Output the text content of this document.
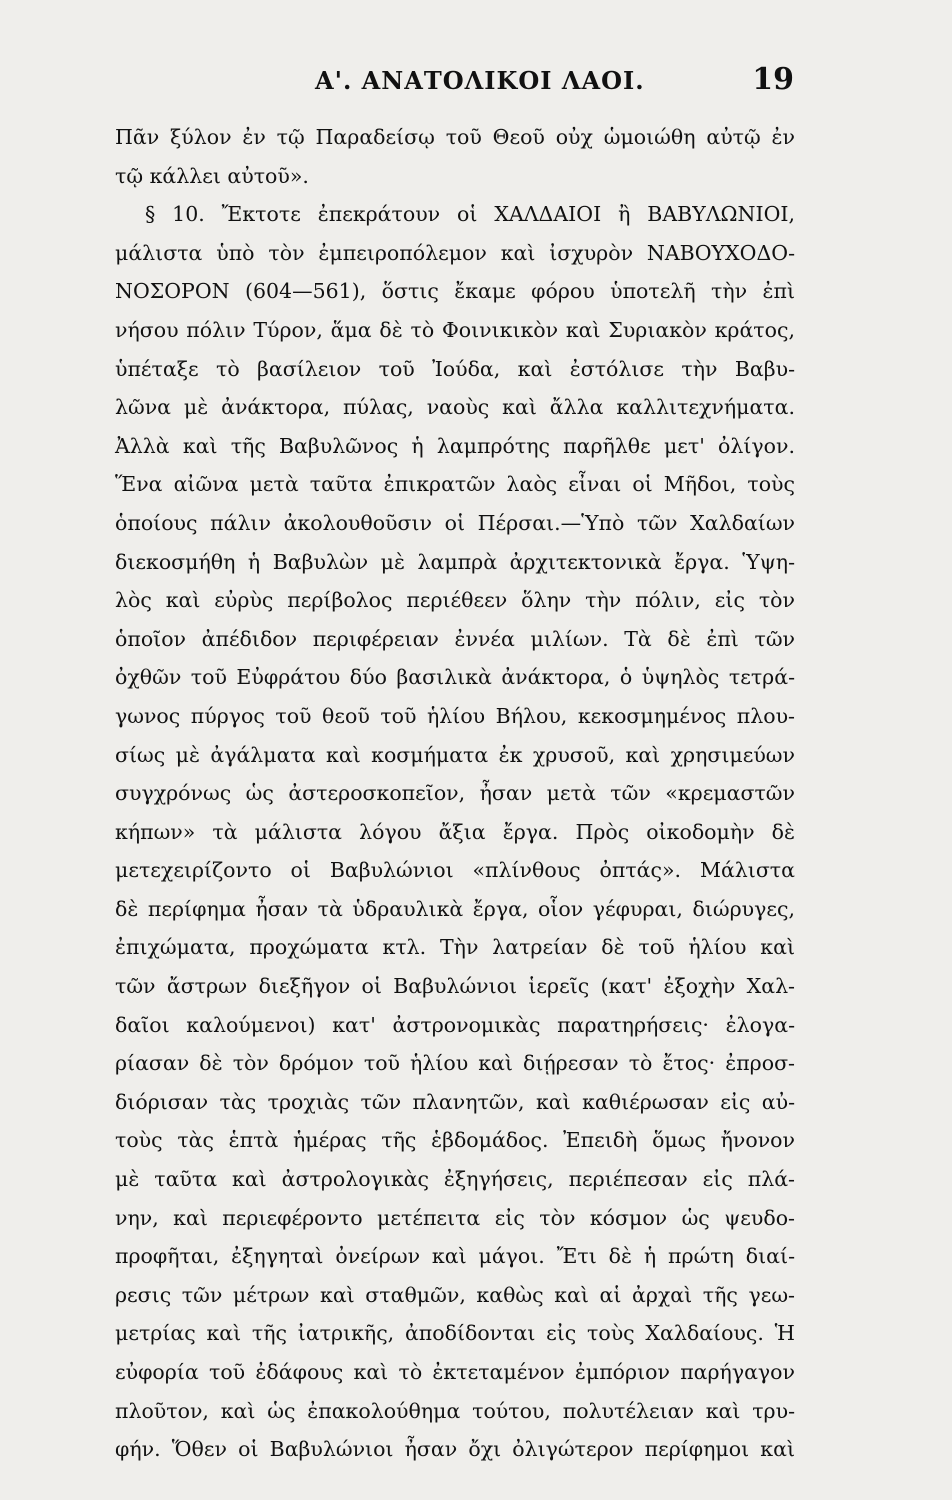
Α'. ΑΝΑΤΟΛΙΚΟΙ ΛΑΟΙ.	19
Πᾶν ξύλον ἐν τῷ Παραδείσῳ τοῦ Θεοῦ οὐχ ὡμοιώθη αὐτῷ ἐν
τῷ κάλλει αὐτοῦ».
§ 10. Ἔκτοτε ἐπεκράτουν οἱ ΧΑΛΔΑΙΟΙ ἢ ΒΑΒΥΛΩΝΙΟΙ,
μάλιστα ὑπὸ τὸν ἐμπειροπόλεμον καὶ ἰσχυρὸν ΝΑΒΟΥΧΟΔΟ-
ΝΟΣΟΡΟΝ (604—561), ὅστις ἔκαμε φόρου ὑποτελῆ τὴν ἐπὶ
νήσου πόλιν Τύρον, ἅμα δὲ τὸ Φοινικικὸν καὶ Συριακὸν κράτος,
ὑπέταξε τὸ βασίλειον τοῦ Ἰούδα, καὶ ἐστόλισε τὴν Βαβυ-
λῶνα μὲ ἀνάκτορα, πύλας, ναοὺς καὶ ἄλλα καλλιτεχνήματα.
Ἀλλὰ καὶ τῆς Βαβυλῶνος ἡ λαμπρότης παρῆλθε μετ' ὀλίγον.
Ἕνα αἰῶνα μετὰ ταῦτα ἐπικρατῶν λαὸς εἶναι οἱ Μῆδοι, τοὺς
ὁποίους πάλιν ἀκολουθοῦσιν οἱ Πέρσαι.—Ὑπὸ τῶν Χαλδαίων
διεκοσμήθη ἡ Βαβυλὼν μὲ λαμπρὰ ἀρχιτεκτονικὰ ἔργα. Ὑψη-
λὸς καὶ εὐρὺς περίβολος περιέθεεν ὅλην τὴν πόλιν, εἰς τὸν
ὁποῖον ἀπέδιδον περιφέρειαν ἐννέα μιλίων. Τὰ δὲ ἐπὶ τῶν
ὀχθῶν τοῦ Εὐφράτου δύο βασιλικὰ ἀνάκτορα, ὁ ὑψηλὸς τετρά-
γωνος πύργος τοῦ θεοῦ τοῦ ἡλίου Βήλου, κεκοσμημένος πλου-
σίως μὲ ἀγάλματα καὶ κοσμήματα ἐκ χρυσοῦ, καὶ χρησιμεύων
συγχρόνως ὡς ἀστεροσκοπεῖον, ἦσαν μετὰ τῶν «κρεμαστῶν
κήπων» τὰ μάλιστα λόγου ἄξια ἔργα. Πρὸς οἰκοδομὴν δὲ
μετεχειρίζοντο οἱ Βαβυλώνιοι «πλίνθους ὀπτάς». Μάλιστα
δὲ περίφημα ἦσαν τὰ ὑδραυλικὰ ἔργα, οἷον γέφυραι, διώρυγες,
ἐπιχώματα, προχώματα κτλ. Τὴν λατρείαν δὲ τοῦ ἡλίου καὶ
τῶν ἄστρων διεξῆγον οἱ Βαβυλώνιοι ἱερεῖς (κατ' ἐξοχὴν Χαλ-
δαῖοι καλούμενοι) κατ' ἀστρονομικὰς παρατηρήσεις· ἐλογα-
ρίασαν δὲ τὸν δρόμον τοῦ ἡλίου καὶ διῄρεσαν τὸ ἔτος· ἐπροσ-
διόρισαν τὰς τροχιὰς τῶν πλανητῶν, καὶ καθιέρωσαν εἰς αὐ-
τοὺς τὰς ἑπτὰ ἡμέρας τῆς ἑβδομάδος. Ἐπειδὴ ὅμως ἤνονον
μὲ ταῦτα καὶ ἀστρολογικὰς ἐξηγήσεις, περιέπεσαν εἰς πλά-
νην, καὶ περιεφέροντο μετέπειτα εἰς τὸν κόσμον ὡς ψευδο-
προφῆται, ἐξηγηταὶ ὀνείρων καὶ μάγοι. Ἔτι δὲ ἡ πρώτη διαί-
ρεσις τῶν μέτρων καὶ σταθμῶν, καθὼς καὶ αἱ ἀρχαὶ τῆς γεω-
μετρίας καὶ τῆς ἰατρικῆς, ἀποδίδονται εἰς τοὺς Χαλδαίους. Ἡ
εὐφορία τοῦ ἐδάφους καὶ τὸ ἐκτεταμένον ἐμπόριον παρήγαγον
πλοῦτον, καὶ ὡς ἐπακολούθημα τούτου, πολυτέλειαν καὶ τρυ-
φήν. Ὅθεν οἱ Βαβυλώνιοι ἦσαν ὄχι ὀλιγώτερον περίφημοι καὶ
